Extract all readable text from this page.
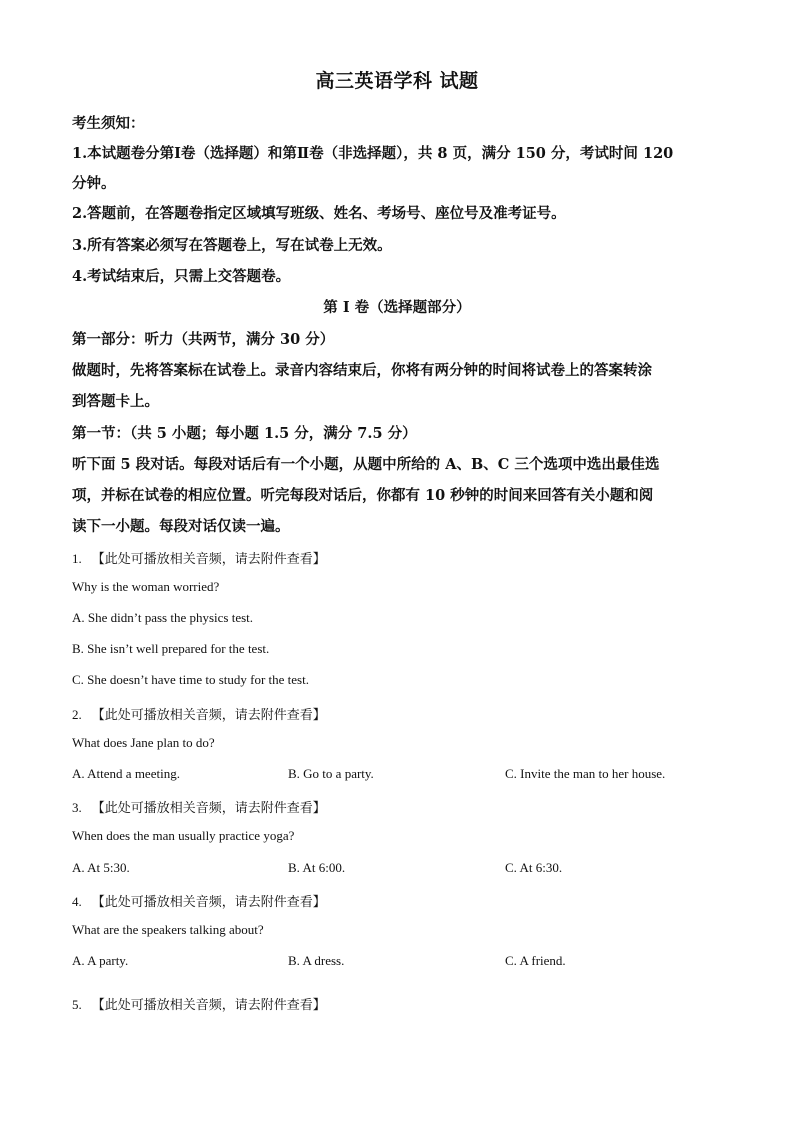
高三英语学科 试题
考生须知：
1.本试题卷分第Ⅰ卷（选择题）和第Ⅱ卷（非选择题），共 8 页，满分 150 分，考试时间 120
分钟。
2.答题前，在答题卷指定区域填写班级、姓名、考场号、座位号及准考证号。
3.所有答案必须写在答题卷上，写在试卷上无效。
4.考试结束后，只需上交答题卷。
第 I 卷（选择题部分）
第一部分：听力（共两节，满分 30 分）
做题时，先将答案标在试卷上。录音内容结束后，你将有两分钟的时间将试卷上的答案转涂
到答题卡上。
第一节：（共 5 小题；每小题 1.5 分，满分 7.5 分）
听下面 5 段对话。每段对话后有一个小题，从题中所给的 A、B、C 三个选项中选出最佳选
项，并标在试卷的相应位置。听完每段对话后，你都有 10 秒钟的时间来回答有关小题和阅
读下一小题。每段对话仅读一遍。
1. 【此处可播放相关音频，请去附件查看】
Why is the woman worried?
A. She didn’t pass the physics test.
B. She isn’t well prepared for the test.
C. She doesn’t have time to study for the test.
2. 【此处可播放相关音频，请去附件查看】
What does Jane plan to do?
A. Attend a meeting.	B. Go to a party.	C. Invite the man to her house.
3. 【此处可播放相关音频，请去附件查看】
When does the man usually practice yoga?
A. At 5:30.	B. At 6:00.	C. At 6:30.
4. 【此处可播放相关音频，请去附件查看】
What are the speakers talking about?
A. A party.	B. A dress.	C. A friend.
5. 【此处可播放相关音频，请去附件查看】
